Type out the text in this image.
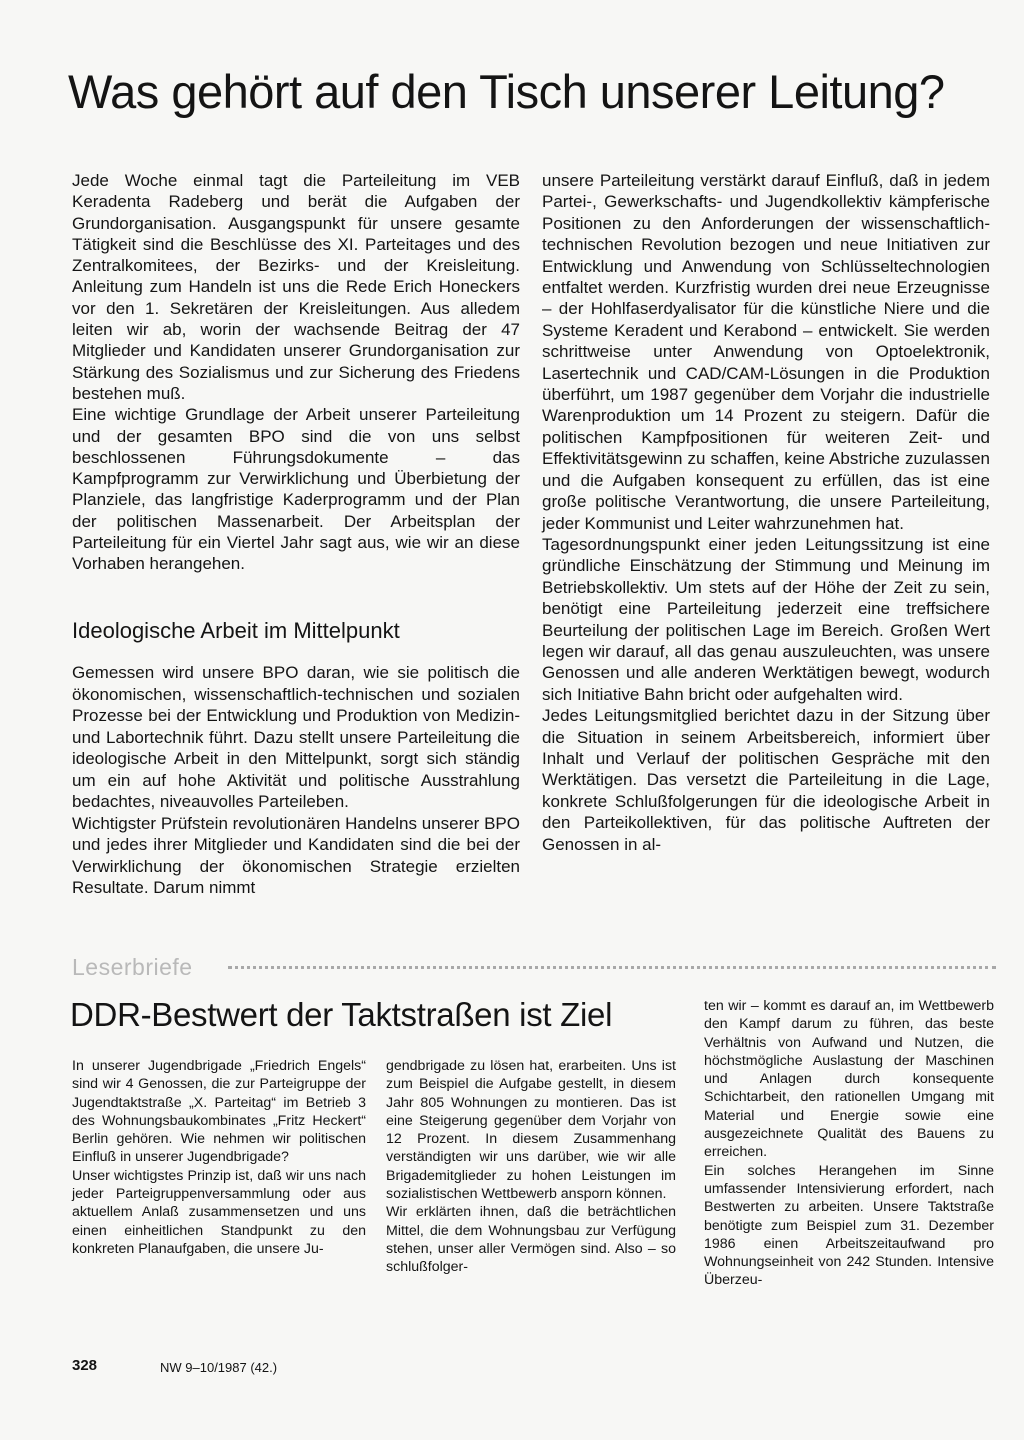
Was gehört auf den Tisch unserer Leitung?

Jede Woche einmal tagt die Parteileitung im VEB Keradenta Radeberg und berät die Aufgaben der Grundorganisation. Ausgangspunkt für unsere gesamte Tätigkeit sind die Beschlüsse des XI. Parteitages und des Zentralkomitees, der Bezirks- und der Kreisleitung. Anleitung zum Handeln ist uns die Rede Erich Honeckers vor den 1. Sekretären der Kreisleitungen. Aus alledem leiten wir ab, worin der wachsende Beitrag der 47 Mitglieder und Kandidaten unserer Grundorganisation zur Stärkung des Sozialismus und zur Sicherung des Friedens bestehen muß.

Eine wichtige Grundlage der Arbeit unserer Parteileitung und der gesamten BPO sind die von uns selbst beschlossenen Führungsdokumente – das Kampfprogramm zur Verwirklichung und Überbietung der Planziele, das langfristige Kaderprogramm und der Plan der politischen Massenarbeit. Der Arbeitsplan der Parteileitung für ein Viertel Jahr sagt aus, wie wir an diese Vorhaben herangehen.

Ideologische Arbeit im Mittelpunkt

Gemessen wird unsere BPO daran, wie sie politisch die ökonomischen, wissenschaftlich-technischen und sozialen Prozesse bei der Entwicklung und Produktion von Medizin- und Labortechnik führt. Dazu stellt unsere Parteileitung die ideologische Arbeit in den Mittelpunkt, sorgt sich ständig um ein auf hohe Aktivität und politische Ausstrahlung bedachtes, niveauvolles Parteileben.

Wichtigster Prüfstein revolutionären Handelns unserer BPO und jedes ihrer Mitglieder und Kandidaten sind die bei der Verwirklichung der ökonomischen Strategie erzielten Resultate. Darum nimmt

unsere Parteileitung verstärkt darauf Einfluß, daß in jedem Partei-, Gewerkschafts- und Jugendkollektiv kämpferische Positionen zu den Anforderungen der wissenschaftlich-technischen Revolution bezogen und neue Initiativen zur Entwicklung und Anwendung von Schlüsseltechnologien entfaltet werden. Kurzfristig wurden drei neue Erzeugnisse – der Hohlfaserdyalisator für die künstliche Niere und die Systeme Keradent und Kerabond – entwickelt. Sie werden schrittweise unter Anwendung von Optoelektronik, Lasertechnik und CAD/CAM-Lösungen in die Produktion überführt, um 1987 gegenüber dem Vorjahr die industrielle Warenproduktion um 14 Prozent zu steigern. Dafür die politischen Kampfpositionen für weiteren Zeit- und Effektivitätsgewinn zu schaffen, keine Abstriche zuzulassen und die Aufgaben konsequent zu erfüllen, das ist eine große politische Verantwortung, die unsere Parteileitung, jeder Kommunist und Leiter wahrzunehmen hat.

Tagesordnungspunkt einer jeden Leitungssitzung ist eine gründliche Einschätzung der Stimmung und Meinung im Betriebskollektiv. Um stets auf der Höhe der Zeit zu sein, benötigt eine Parteileitung jederzeit eine treffsichere Beurteilung der politischen Lage im Bereich. Großen Wert legen wir darauf, all das genau auszuleuchten, was unsere Genossen und alle anderen Werktätigen bewegt, wodurch sich Initiative Bahn bricht oder aufgehalten wird.

Jedes Leitungsmitglied berichtet dazu in der Sitzung über die Situation in seinem Arbeitsbereich, informiert über Inhalt und Verlauf der politischen Gespräche mit den Werktätigen. Das versetzt die Parteileitung in die Lage, konkrete Schlußfolgerungen für die ideologische Arbeit in den Parteikollektiven, für das politische Auftreten der Genossen in al-

Leserbriefe
DDR-Bestwert der Taktstraßen ist Ziel

In unserer Jugendbrigade „Friedrich Engels“ sind wir 4 Genossen, die zur Parteigruppe der Jugendtaktstraße „X. Parteitag“ im Betrieb 3 des Wohnungsbaukombinates „Fritz Heckert“ Berlin gehören. Wie nehmen wir politischen Einfluß in unserer Jugendbrigade?

Unser wichtigstes Prinzip ist, daß wir uns nach jeder Parteigruppenversammlung oder aus aktuellem Anlaß zusammensetzen und uns einen einheitlichen Standpunkt zu den konkreten Planaufgaben, die unsere Ju-

gendbrigade zu lösen hat, erarbeiten. Uns ist zum Beispiel die Aufgabe gestellt, in diesem Jahr 805 Wohnungen zu montieren. Das ist eine Steigerung gegenüber dem Vorjahr von 12 Prozent. In diesem Zusammenhang verständigten wir uns darüber, wie wir alle Brigademitglieder zu hohen Leistungen im sozialistischen Wettbewerb ansporn können.

Wir erklärten ihnen, daß die beträchtlichen Mittel, die dem Wohnungsbau zur Verfügung stehen, unser aller Vermögen sind. Also – so schlußfolger-

ten wir – kommt es darauf an, im Wettbewerb den Kampf darum zu führen, das beste Verhältnis von Aufwand und Nutzen, die höchstmögliche Auslastung der Maschinen und Anlagen durch konsequente Schichtarbeit, den rationellen Umgang mit Material und Energie sowie eine ausgezeichnete Qualität des Bauens zu erreichen.

Ein solches Herangehen im Sinne umfassender Intensivierung erfordert, nach Bestwerten zu arbeiten. Unsere Taktstraße benötigte zum Beispiel zum 31. Dezember 1986 einen Arbeitszeitaufwand pro Wohnungseinheit von 242 Stunden. Intensive Überzeu-

328	NW 9–10/1987 (42.)
